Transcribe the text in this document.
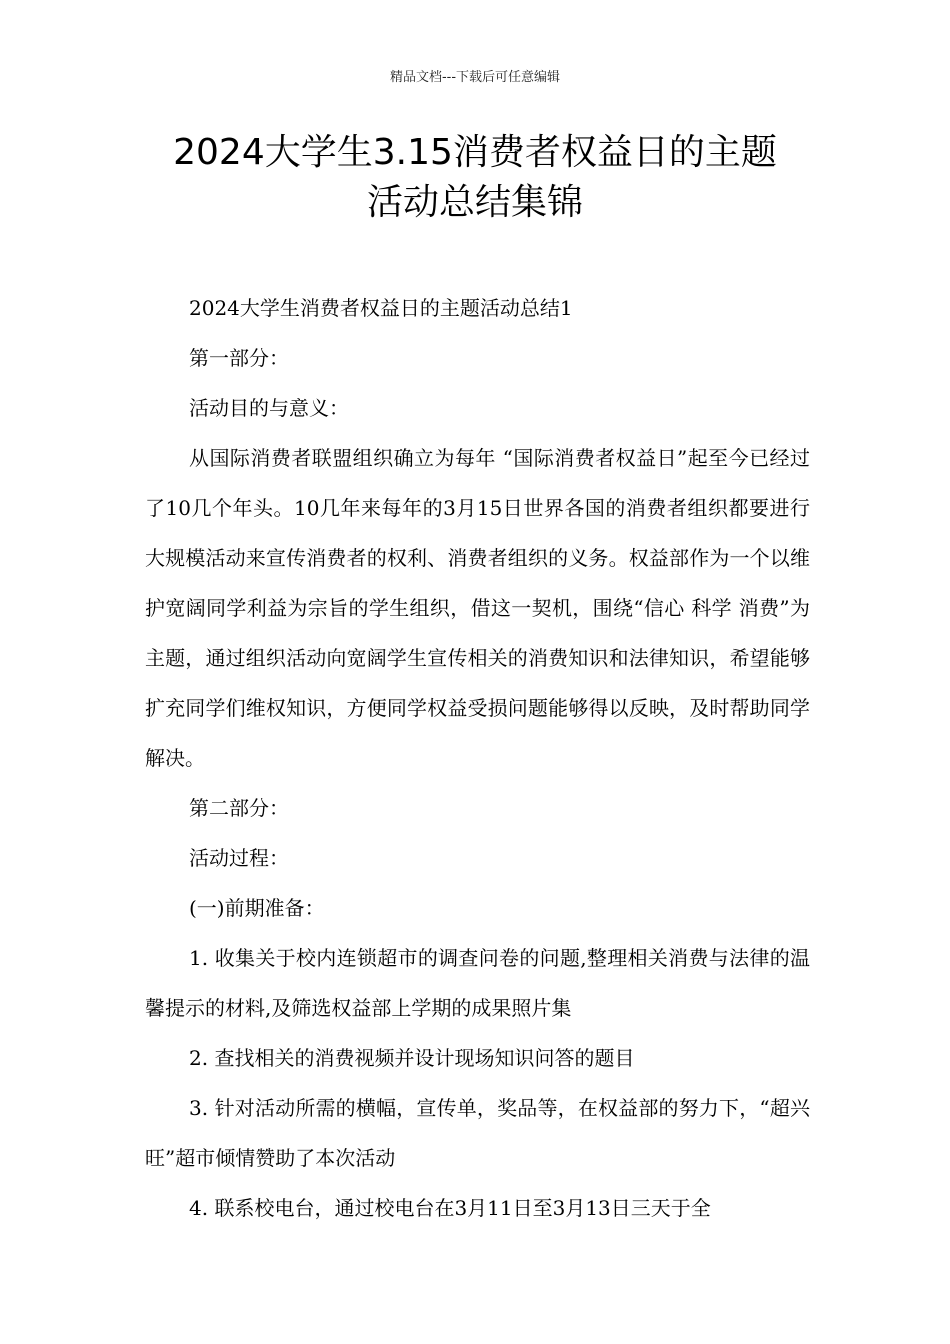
精品文档---下载后可任意编辑
2024大学生3.15消费者权益日的主题
活动总结集锦

2024大学生消费者权益日的主题活动总结1

第一部分：

活动目的与意义：

从国际消费者联盟组织确立为每年 “国际消费者权益日”起至今已经过了10几个年头。10几年来每年的3月15日世界各国的消费者组织都要进行大规模活动来宣传消费者的权利、消费者组织的义务。权益部作为一个以维护宽阔同学利益为宗旨的学生组织，借这一契机，围绕“信心 科学 消费”为主题，通过组织活动向宽阔学生宣传相关的消费知识和法律知识，希望能够扩充同学们维权知识，方便同学权益受损问题能够得以反映，及时帮助同学解决。

第二部分：

活动过程：

(一)前期准备：

1. 收集关于校内连锁超市的调查问卷的问题,整理相关消费与法律的温馨提示的材料,及筛选权益部上学期的成果照片集

2. 查找相关的消费视频并设计现场知识问答的题目

3. 针对活动所需的横幅，宣传单，奖品等，在权益部的努力下，“超兴旺”超市倾情赞助了本次活动

4. 联系校电台，通过校电台在3月11日至3月13日三天于全
